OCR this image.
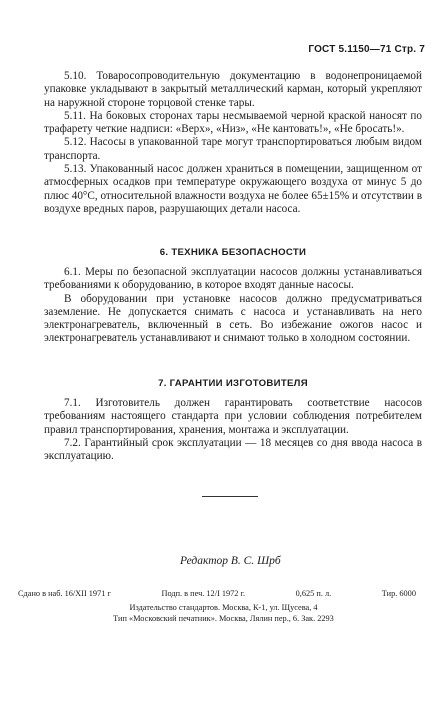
ГОСТ 5.1150—71 Стр. 7

5.10. Товаросопроводительную документацию в водонепроницаемой упаковке укладывают в закрытый металлический карман, который укрепляют на наружной стороне торцовой стенке тары.

5.11. На боковых сторонах тары несмываемой черной краской наносят по трафарету четкие надписи: «Верх», «Низ», «Не кантовать!», «Не бросать!».

5.12. Насосы в упакованной таре могут транспортироваться любым видом транспорта.

5.13. Упакованный насос должен храниться в помещении, защищенном от атмосферных осадков при температуре окружающего воздуха от минус 5 до плюс 40°С, относительной влажности воздуха не более 65±15% и отсутствии в воздухе вредных паров, разрушающих детали насоса.

6. ТЕХНИКА БЕЗОПАСНОСТИ

6.1. Меры по безопасной эксплуатации насосов должны устанавливаться требованиями к оборудованию, в которое входят данные насосы.

В оборудовании при установке насосов должно предусматриваться заземление. Не допускается снимать с насоса и устанавливать на него электронагреватель, включенный в сеть. Во избежание ожогов насос и электронагреватель устанавливают и снимают только в холодном состоянии.

7. ГАРАНТИИ ИЗГОТОВИТЕЛЯ

7.1. Изготовитель должен гарантировать соответствие насосов требованиям настоящего стандарта при условии соблюдения потребителем правил транспортирования, хранения, монтажа и эксплуатации.

7.2. Гарантийный срок эксплуатации — 18 месяцев со дня ввода насоса в эксплуатацию.

Редактор В. С. Шрб
Сдано в наб. 16/XII 1971 г	Подп. в печ. 12/I 1972 г.	0,625 п. л.	Тир. 6000
Издательство стандартов. Москва, К-1, ул. Щусева, 4
Тип «Московский печатник». Москва, Лялин пер., 6. Зак. 2293
